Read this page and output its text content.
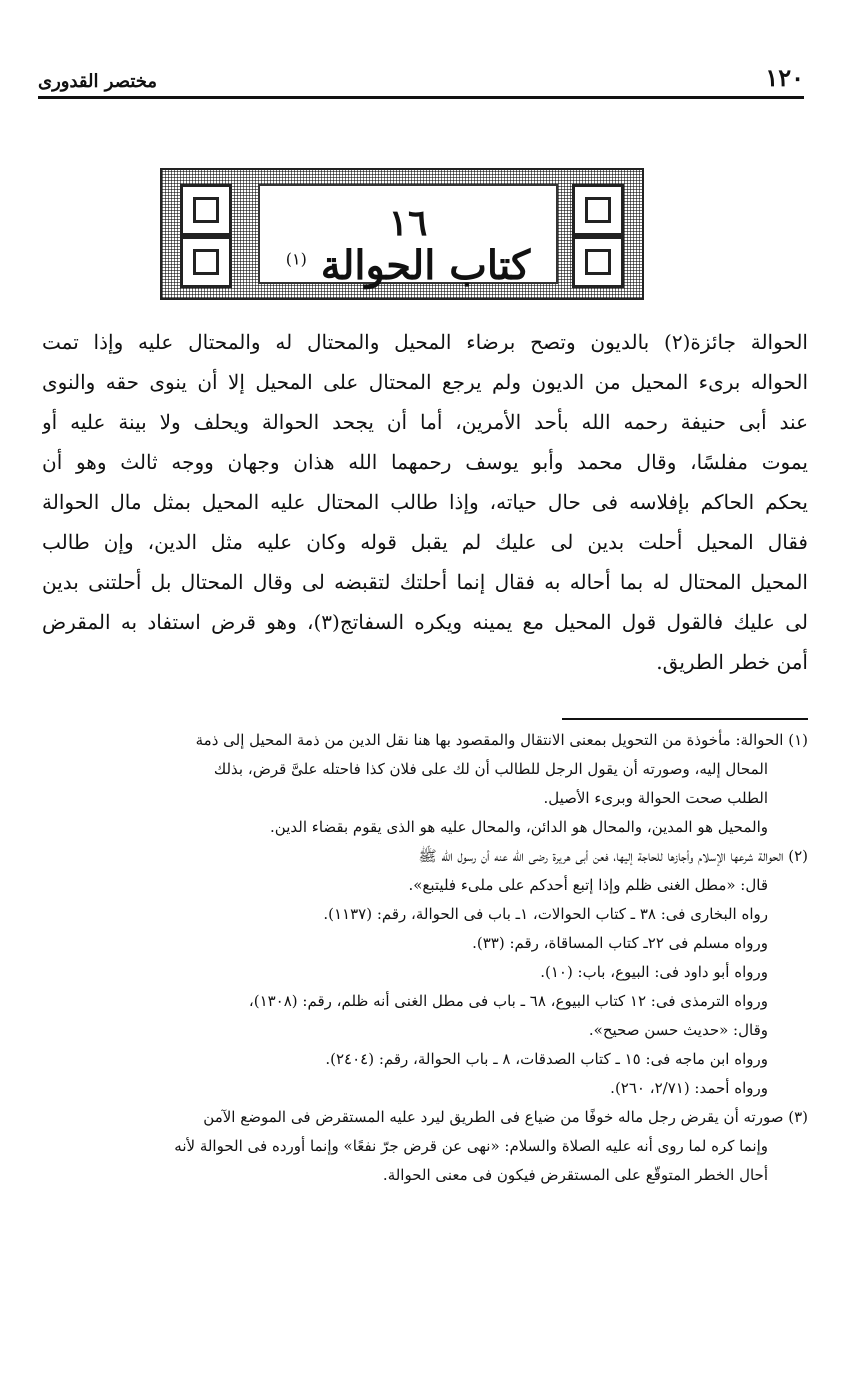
١٢٠
مختصر القدورى
١٦
كتاب الحوالة $^{(١)}$
الحوالة جائزة(٢) بالديون وتصح برضاء المحيل والمحتال له والمحتال عليه وإذا تمت
الحواله برىء المحيل من الديون ولم يرجع المحتال على المحيل إلا أن ينوى حقه والنوى
عند أبى حنيفة رحمه الله بأحد الأمرين، أما أن يجحد الحوالة ويحلف ولا بينة عليه أو
يموت مفلسًا، وقال محمد وأبو يوسف رحمهما الله هذان وجهان ووجه ثالث وهو أن
يحكم الحاكم بإفلاسه فى حال حياته، وإذا طالب المحتال عليه المحيل بمثل مال الحوالة
فقال المحيل أحلت بدين لى عليك لم يقبل قوله وكان عليه مثل الدين، وإن طالب
المحيل المحتال له بما أحاله به فقال إنما أحلتك لتقبضه لى وقال المحتال بل أحلتنى بدين
لى عليك فالقول قول المحيل مع يمينه ويكره السفاتج(٣)، وهو قرض استفاد به المقرض
أمن خطر الطريق.
(١) الحوالة: مأخوذة من التحويل بمعنى الانتقال والمقصود بها هنا نقل الدين من ذمة المحيل إلى ذمة
المحال إليه، وصورته أن يقول الرجل للطالب أن لك على فلان كذا فاحتله علىَّ قرض، بذلك
الطلب صحت الحوالة وبرىء الأصيل.
والمحيل هو المدين، والمحال هو الدائن، والمحال عليه هو الذى يقوم بقضاء الدين.
(٢) الحوالة شرعها الإسلام وأجازها للحاجة إليها، فعن أبى هريرة رضى الله عنه أن رسول الله ﷺ
قال: «مطل الغنى ظلم وإذا إتبع أحدكم على ملىء فليتبع».
رواه البخارى فى: ٣٨ ـ كتاب الحوالات، ١ـ باب فى الحوالة، رقم: (١١٣٧).
ورواه مسلم فى ٢٢ـ كتاب المساقاة، رقم: (٣٣).
ورواه أبو داود فى: البيوع، باب: (١٠).
ورواه الترمذى فى: ١٢ كتاب البيوع، ٦٨ ـ باب فى مطل الغنى أنه ظلم، رقم: (١٣٠٨)،
وقال: «حديث حسن صحيح».
ورواه ابن ماجه فى: ١٥ ـ كتاب الصدقات، ٨ ـ باب الحوالة، رقم: (٢٤٠٤).
ورواه أحمد: (٢/٧١، ٢٦٠).
(٣) صورته أن يقرض رجل ماله خوفًا من ضياع فى الطريق ليرد عليه المستقرض فى الموضع الآمن
وإنما كره لما روى أنه عليه الصلاة والسلام: «نهى عن قرض جرّ نفعًا» وإنما أورده فى الحوالة لأنه
أحال الخطر المتوقّع على المستقرض فيكون فى معنى الحوالة.
